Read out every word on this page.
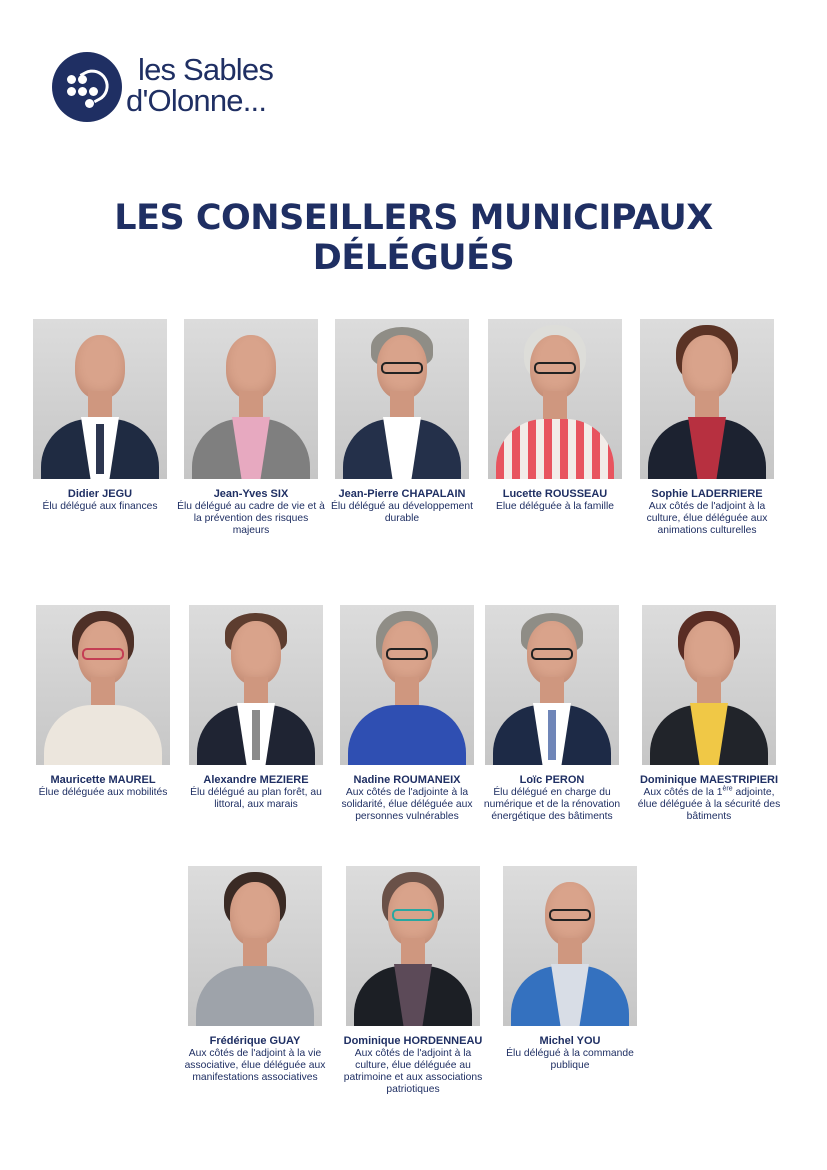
les Sables
d'Olonne...
LES CONSEILLERS MUNICIPAUX
DÉLÉGUÉS
Didier JEGU
Élu délégué aux finances
Jean-Yves SIX
Élu délégué au cadre de vie et à la prévention des risques majeurs
Jean-Pierre CHAPALAIN
Élu délégué au développement durable
Lucette ROUSSEAU
Elue déléguée à la famille
Sophie LADERRIERE
Aux côtés de l'adjoint à la culture, élue déléguée aux animations culturelles
Mauricette MAUREL
Élue déléguée aux mobilités
Alexandre MEZIERE
Élu délégué au plan forêt, au littoral, aux marais
Nadine ROUMANEIX
Aux côtés de l'adjointe à la solidarité, élue déléguée aux personnes vulnérables
Loïc PERON
Élu délégué en charge du numérique et de la rénovation énergétique des bâtiments
Dominique MAESTRIPIERI
Aux côtés de la 1ère adjointe, élue déléguée à la sécurité des bâtiments
Frédérique GUAY
Aux côtés de l'adjoint à la vie associative, élue déléguée aux manifestations associatives
Dominique HORDENNEAU
Aux côtés de l'adjoint à la culture, élue déléguée au patrimoine et aux associations patriotiques
Michel YOU
Élu délégué à la commande publique
